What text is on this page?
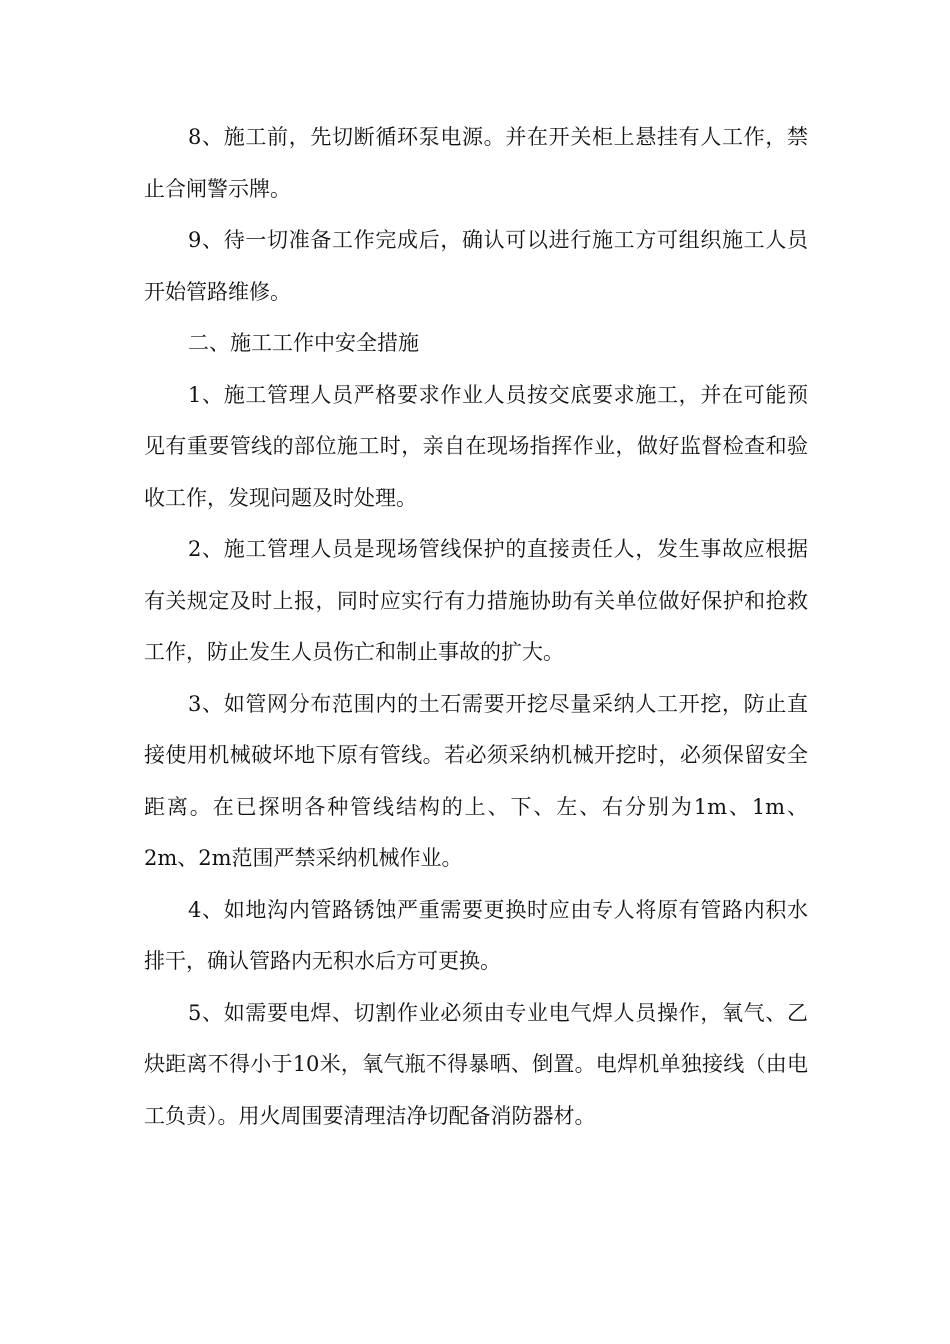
8、施工前，先切断循环泵电源。并在开关柜上悬挂有人工作，禁止合闸警示牌。

9、待一切准备工作完成后，确认可以进行施工方可组织施工人员开始管路维修。

二、施工工作中安全措施

1、施工管理人员严格要求作业人员按交底要求施工，并在可能预见有重要管线的部位施工时，亲自在现场指挥作业，做好监督检查和验收工作，发现问题及时处理。

2、施工管理人员是现场管线保护的直接责任人，发生事故应根据有关规定及时上报，同时应实行有力措施协助有关单位做好保护和抢救工作，防止发生人员伤亡和制止事故的扩大。

3、如管网分布范围内的土石需要开挖尽量采纳人工开挖，防止直接使用机械破坏地下原有管线。若必须采纳机械开挖时，必须保留安全距离。在已探明各种管线结构的上、下、左、右分别为1m、1m、2m、2m范围严禁采纳机械作业。

4、如地沟内管路锈蚀严重需要更换时应由专人将原有管路内积水排干，确认管路内无积水后方可更换。

5、如需要电焊、切割作业必须由专业电气焊人员操作，氧气、乙炔距离不得小于10米，氧气瓶不得暴晒、倒置。电焊机单独接线（由电工负责）。用火周围要清理洁净切配备消防器材。
